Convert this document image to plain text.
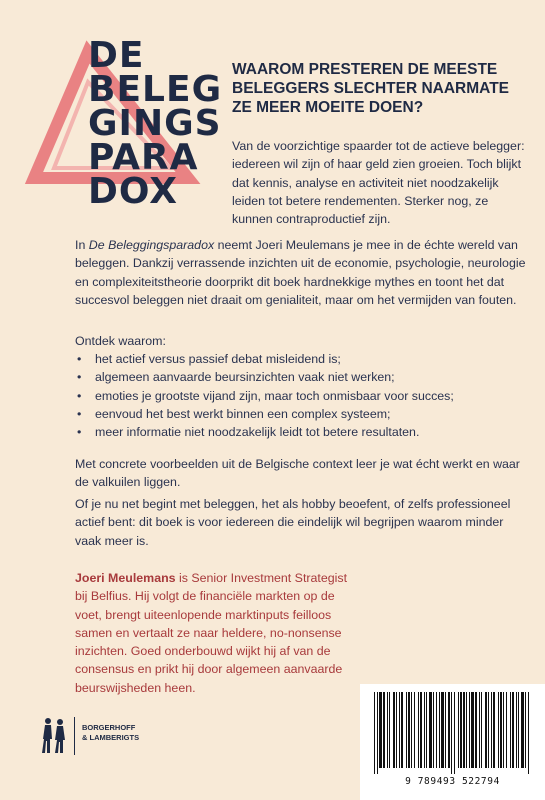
DE
BELEG
GINGS
PARA
DOX
WAAROM PRESTEREN DE MEESTE BELEGGERS SLECHTER NAARMATE ZE MEER MOEITE DOEN?

Van de voorzichtige spaarder tot de actieve belegger: iedereen wil zijn of haar geld zien groeien. Toch blijkt dat kennis, analyse en activiteit niet noodzakelijk leiden tot betere rendementen. Sterker nog, ze kunnen contraproductief zijn.

In De Beleggingsparadox neemt Joeri Meulemans je mee in de échte wereld van beleggen. Dankzij verrassende inzichten uit de economie, psychologie, neurologie en complexiteitstheorie doorprikt dit boek hardnekkige mythes en toont het dat succesvol beleggen niet draait om genialiteit, maar om het vermijden van fouten.

Ontdek waarom:

• het actief versus passief debat misleidend is;
• algemeen aanvaarde beursinzichten vaak niet werken;
• emoties je grootste vijand zijn, maar toch onmisbaar voor succes;
• eenvoud het best werkt binnen een complex systeem;
• meer informatie niet noodzakelijk leidt tot betere resultaten.

Met concrete voorbeelden uit de Belgische context leer je wat écht werkt en waar de valkuilen liggen.

Of je nu net begint met beleggen, het als hobby beoefent, of zelfs professioneel actief bent: dit boek is voor iedereen die eindelijk wil begrijpen waarom minder vaak meer is.

Joeri Meulemans is Senior Investment Strategist bij Belfius. Hij volgt de financiële markten op de voet, brengt uiteenlopende marktinputs feilloos samen en vertaalt ze naar heldere, no-nonsense inzichten. Goed onderbouwd wijkt hij af van de consensus en prikt hij door algemeen aanvaarde beurswijsheden heen.

BORGERHOFF
& LAMBERIGTS
9 789493 522794
